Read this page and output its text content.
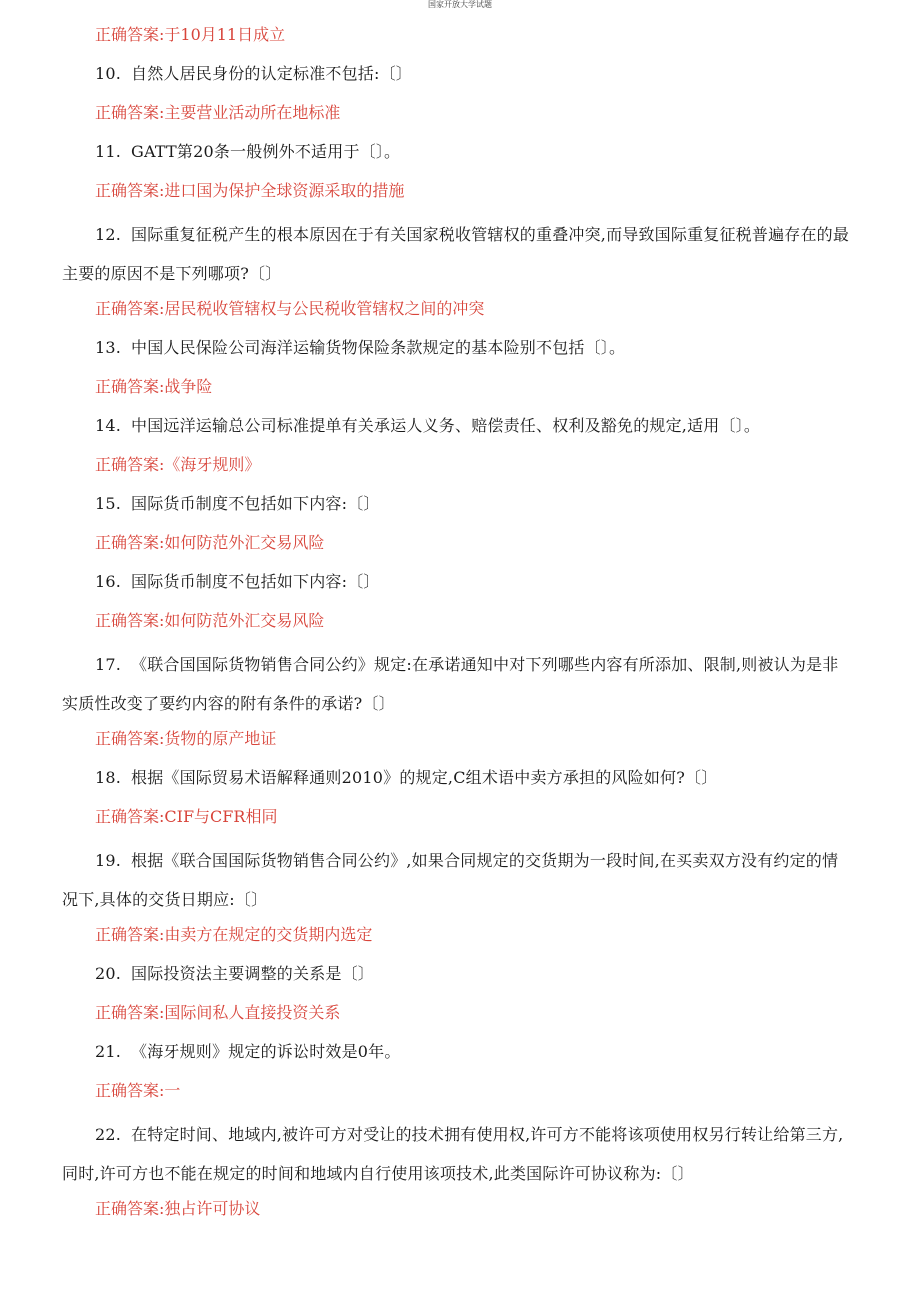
国家开放大学试题
正确答案:于10月11日成立
10. 自然人居民身份的认定标准不包括:〔〕
正确答案:主要营业活动所在地标准
11. GATT第20条一般例外不适用于〔〕。
正确答案:进口国为保护全球资源采取的措施
12. 国际重复征税产生的根本原因在于有关国家税收管辖权的重叠冲突,而导致国际重复征税普遍存在的最主要的原因不是下列哪项?〔〕
正确答案:居民税收管辖权与公民税收管辖权之间的冲突
13. 中国人民保险公司海洋运输货物保险条款规定的基本险别不包括〔〕。
正确答案:战争险
14. 中国远洋运输总公司标准提单有关承运人义务、赔偿责任、权利及豁免的规定,适用〔〕。
正确答案:《海牙规则》
15. 国际货币制度不包括如下内容:〔〕
正确答案:如何防范外汇交易风险
16. 国际货币制度不包括如下内容:〔〕
正确答案:如何防范外汇交易风险
17. 《联合国国际货物销售合同公约》规定:在承诺通知中对下列哪些内容有所添加、限制,则被认为是非实质性改变了要约内容的附有条件的承诺?〔〕
正确答案:货物的原产地证
18. 根据《国际贸易术语解释通则2010》的规定,C组术语中卖方承担的风险如何?〔〕
正确答案:CIF与CFR相同
19. 根据《联合国国际货物销售合同公约》,如果合同规定的交货期为一段时间,在买卖双方没有约定的情况下,具体的交货日期应:〔〕
正确答案:由卖方在规定的交货期内选定
20. 国际投资法主要调整的关系是〔〕
正确答案:国际间私人直接投资关系
21. 《海牙规则》规定的诉讼时效是0年。
正确答案:一
22. 在特定时间、地域内,被许可方对受让的技术拥有使用权,许可方不能将该项使用权另行转让给第三方,同时,许可方也不能在规定的时间和地域内自行使用该项技术,此类国际许可协议称为:〔〕
正确答案:独占许可协议
